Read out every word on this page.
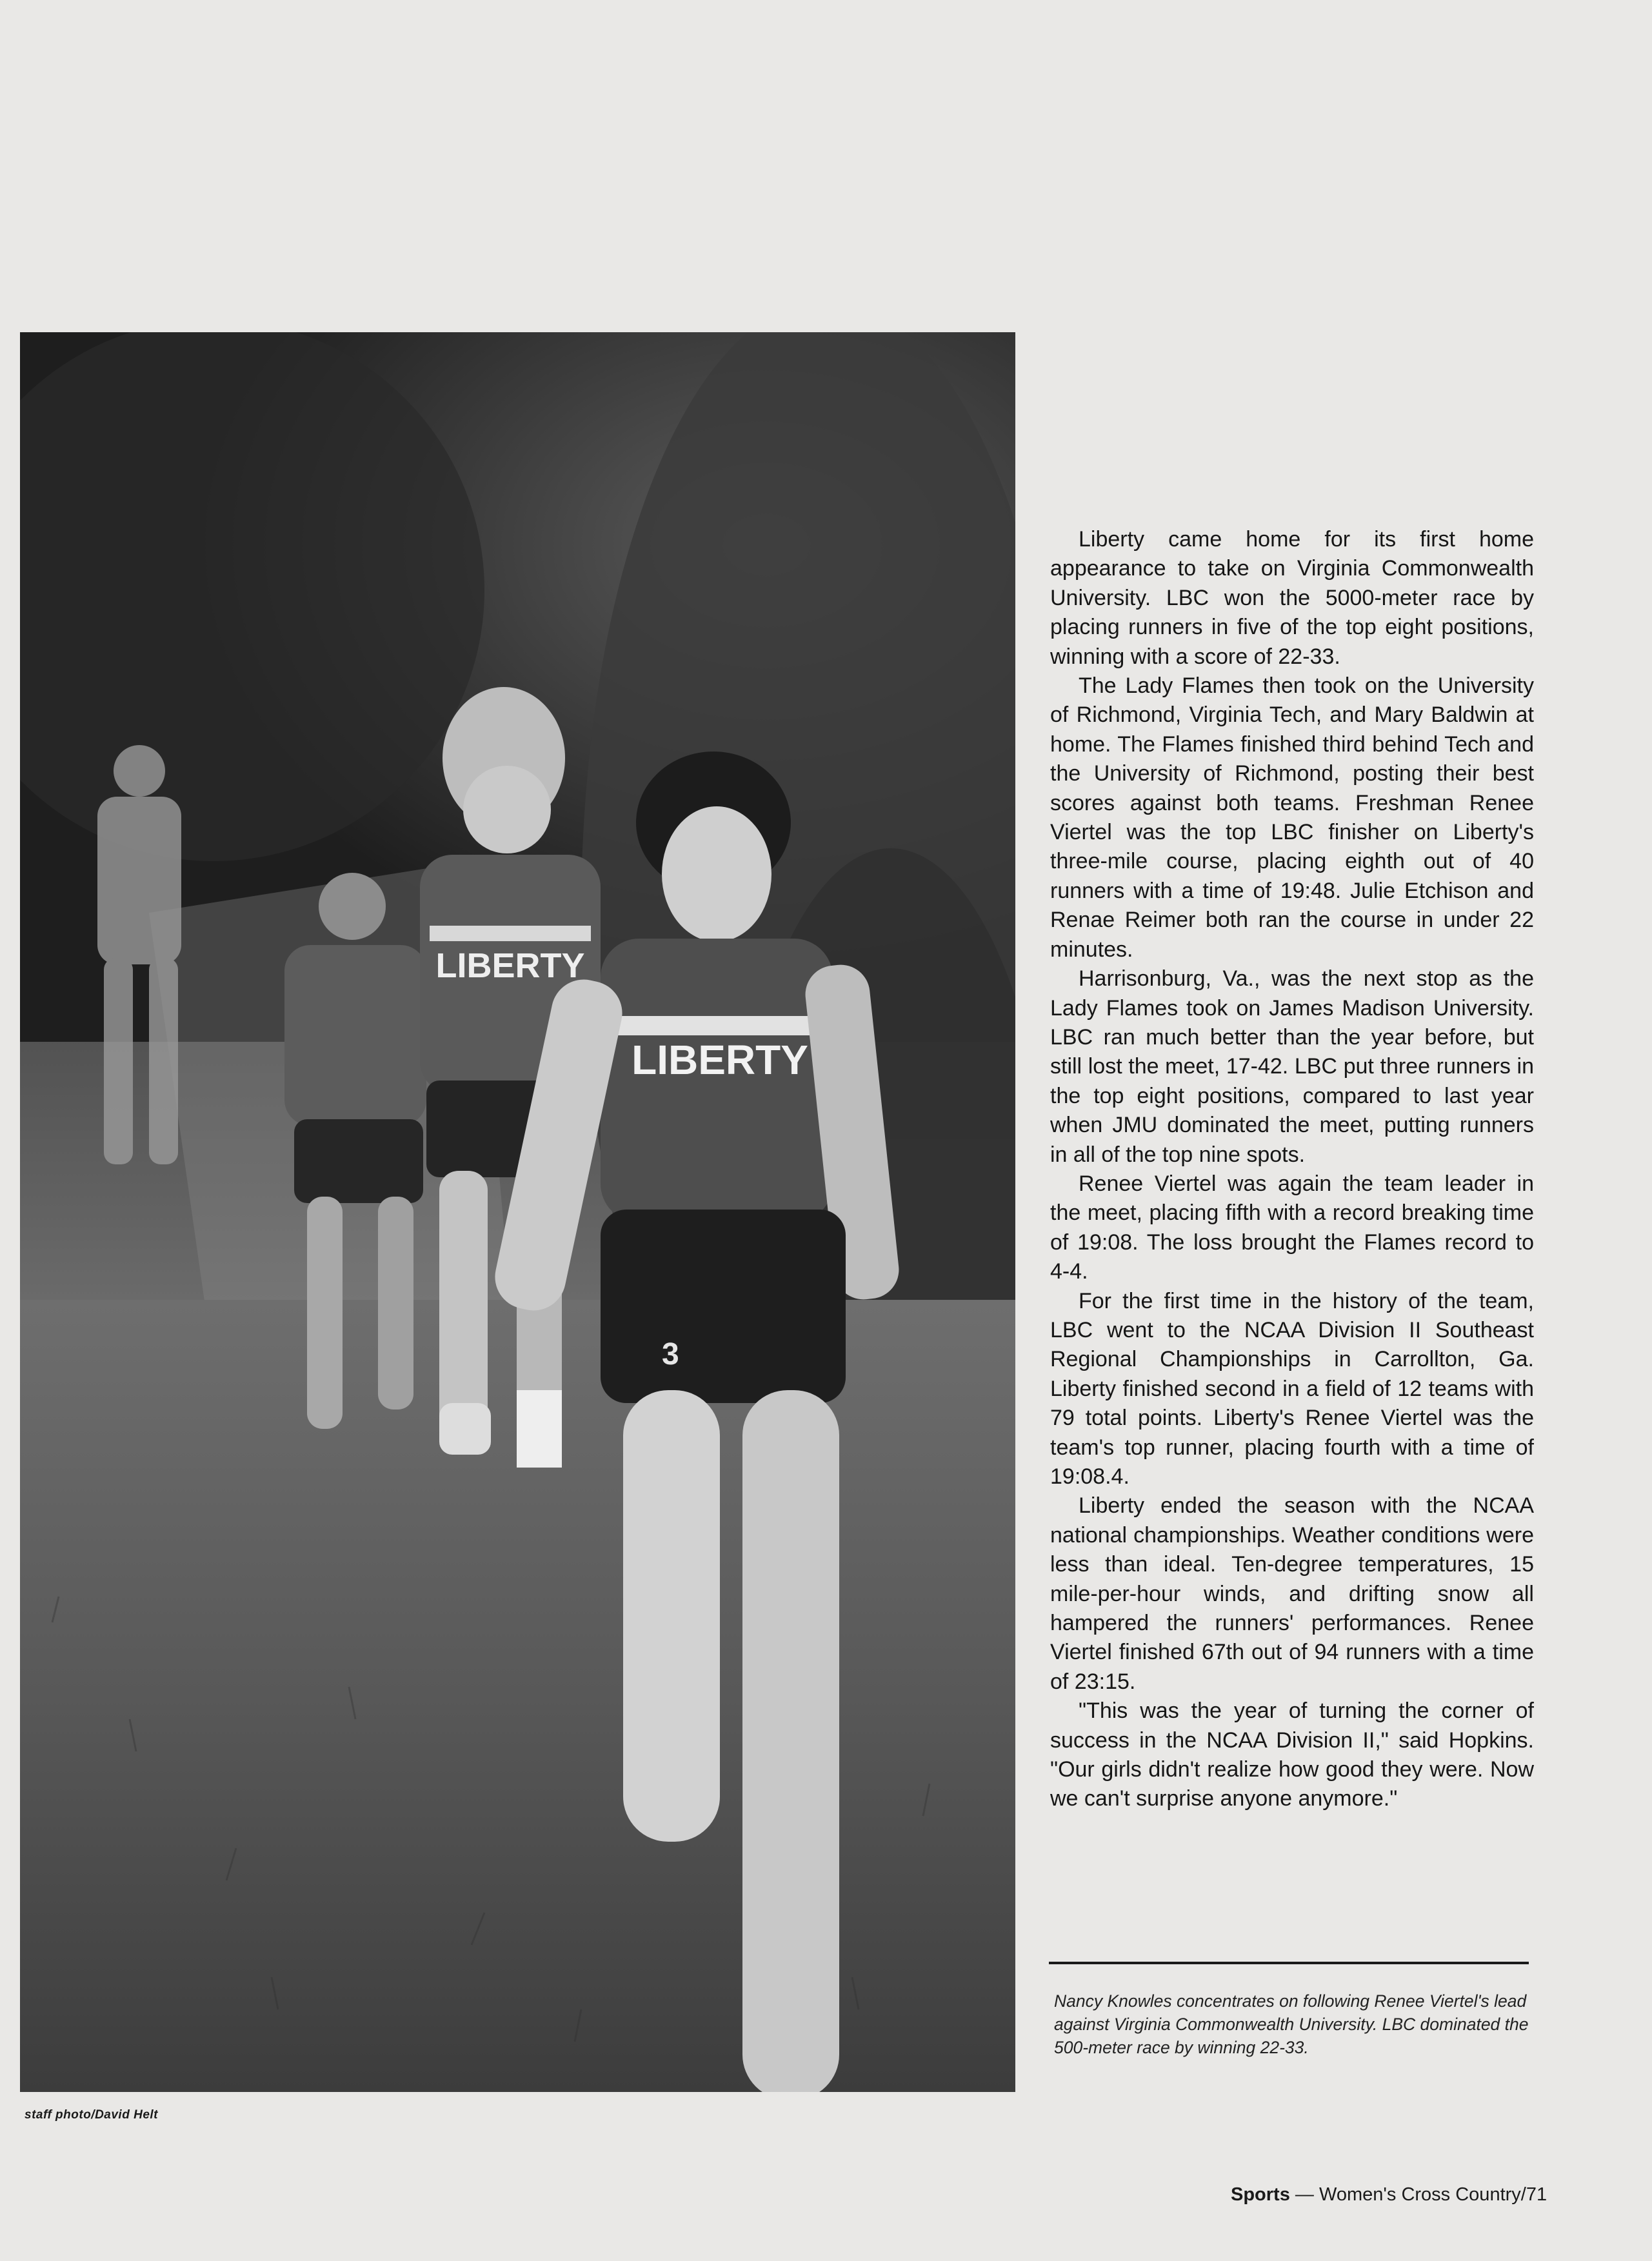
LIBERTY
LIBERTY
3
staff photo/David Helt

Liberty came home for its first home appearance to take on Virginia Commonwealth University. LBC won the 5000-meter race by placing runners in five of the top eight positions, winning with a score of 22-33.

The Lady Flames then took on the University of Richmond, Virginia Tech, and Mary Baldwin at home. The Flames finished third behind Tech and the University of Richmond, posting their best scores against both teams. Freshman Renee Viertel was the top LBC finisher on Liberty's three-mile course, placing eighth out of 40 runners with a time of 19:48. Julie Etchison and Renae Reimer both ran the course in under 22 minutes.

Harrisonburg, Va., was the next stop as the Lady Flames took on James Madison University. LBC ran much better than the year before, but still lost the meet, 17-42. LBC put three runners in the top eight positions, compared to last year when JMU dominated the meet, putting runners in all of the top nine spots.

Renee Viertel was again the team leader in the meet, placing fifth with a record breaking time of 19:08. The loss brought the Flames record to 4-4.

For the first time in the history of the team, LBC went to the NCAA Division II Southeast Regional Championships in Carrollton, Ga. Liberty finished second in a field of 12 teams with 79 total points. Liberty's Renee Viertel was the team's top runner, placing fourth with a time of 19:08.4.

Liberty ended the season with the NCAA national championships. Weather conditions were less than ideal. Ten-degree temperatures, 15 mile-per-hour winds, and drifting snow all hampered the runners' performances. Renee Viertel finished 67th out of 94 runners with a time of 23:15.

"This was the year of turning the corner of success in the NCAA Division II," said Hopkins. "Our girls didn't realize how good they were. Now we can't surprise anyone anymore."

Nancy Knowles concentrates on following Renee Viertel's lead against Virginia Commonwealth University. LBC dominated the 500-meter race by winning 22-33.
Sports — Women's Cross Country/71
